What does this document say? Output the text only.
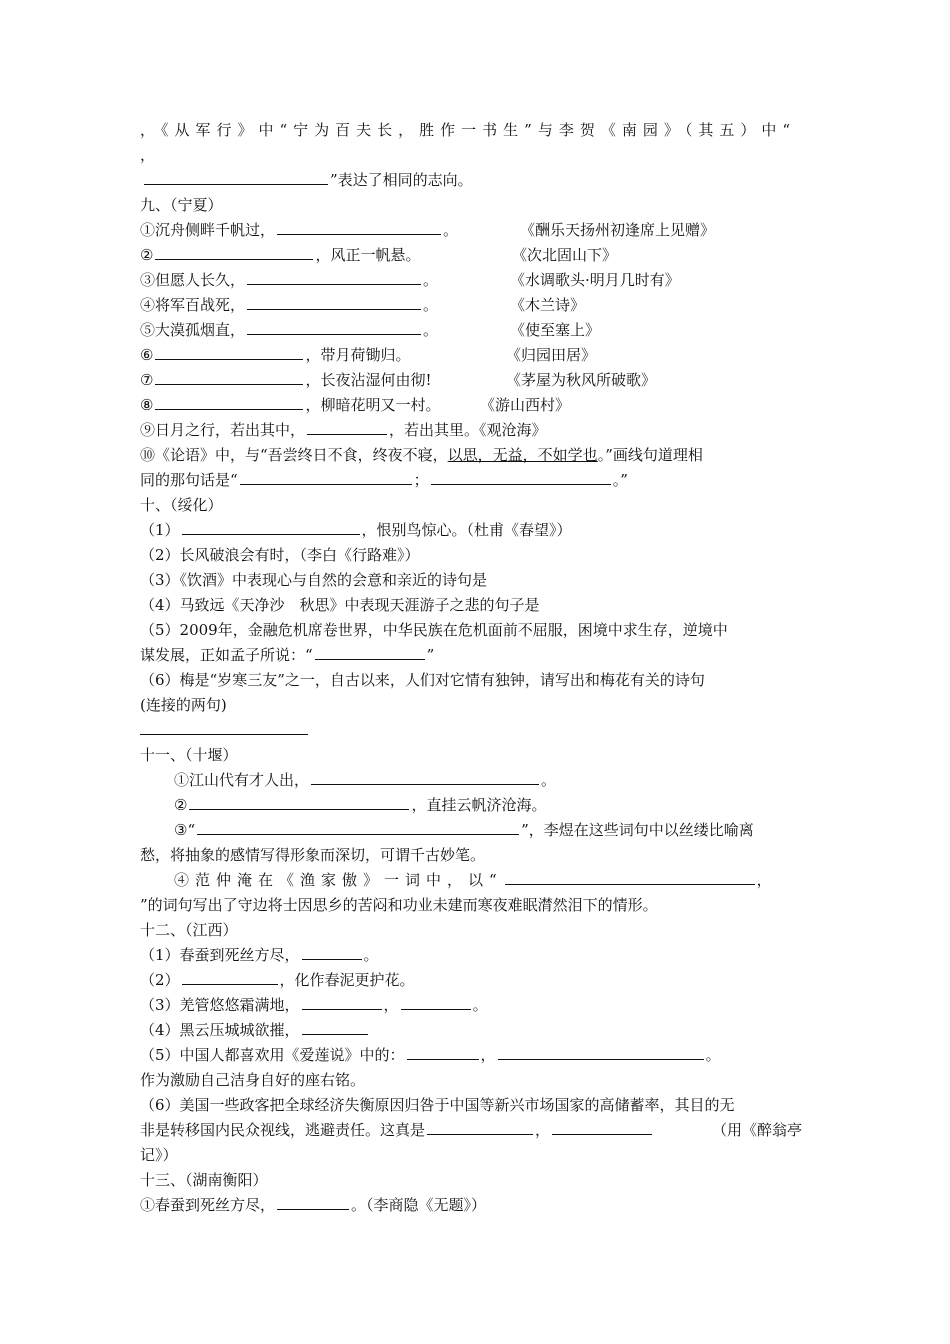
，《从军行》中“宁为百夫长，胜作一书生”与李贺《南园》（其五）中“
，
”表达了相同的志向。
九、（宁夏）
①沉舟侧畔千帆过，	。	《酬乐天扬州初逢席上见赠》
②	，风正一帆悬。	《次北固山下》
③但愿人长久，	。	《水调歌头·明月几时有》
④将军百战死，	。	《木兰诗》
⑤大漠孤烟直，	。	《使至塞上》
⑥	，带月荷锄归。	《归园田居》
⑦	，长夜沾湿何由彻!	《茅屋为秋风所破歌》
⑧	，柳暗花明又一村。	《游山西村》
⑨日月之行，若出其中，	，若出其里。《观沧海》
⑩《论语》中，与“吾尝终日不食，终夜不寝，以思，无益，不如学也。”画线句道理相
同的那句话是“	；	。”
十、（绥化）
（1）	，恨别鸟惊心。（杜甫《春望》）
（2）长风破浪会有时，（李白《行路难》）
（3）《饮酒》中表现心与自然的会意和亲近的诗句是
（4）马致远《天净沙　秋思》中表现天涯游子之悲的句子是
（5）2009年，金融危机席卷世界，中华民族在危机面前不屈服，困境中求生存，逆境中
谋发展，正如孟子所说：“	”
（6）梅是“岁寒三友”之一，自古以来，人们对它情有独钟，请写出和梅花有关的诗句
(连接的两句)
十一、（十堰）
①江山代有才人出，	。
②	，直挂云帆济沧海。
③“	”，李煜在这些词句中以丝缕比喻离
愁，将抽象的感情写得形象而深切，可谓千古妙笔。
④范仲淹在《渔家傲》一词中，以“	，
”的词句写出了守边将士因思乡的苦闷和功业未建而寒夜难眠潸然泪下的情形。
十二、（江西）
（1）春蚕到死丝方尽，	。
（2）	，化作春泥更护花。
（3）羌管悠悠霜满地，	，	。
（4）黑云压城城欲摧，
（5）中国人都喜欢用《爱莲说》中的：	，	。
作为激励自己洁身自好的座右铭。
（6）美国一些政客把全球经济失衡原因归咎于中国等新兴市场国家的高储蓄率，其目的无
非是转移国内民众视线，逃避责任。这真是	，	（用《醉翁亭
记》）
十三、（湖南衡阳）
①春蚕到死丝方尽，	。（李商隐《无题》）
